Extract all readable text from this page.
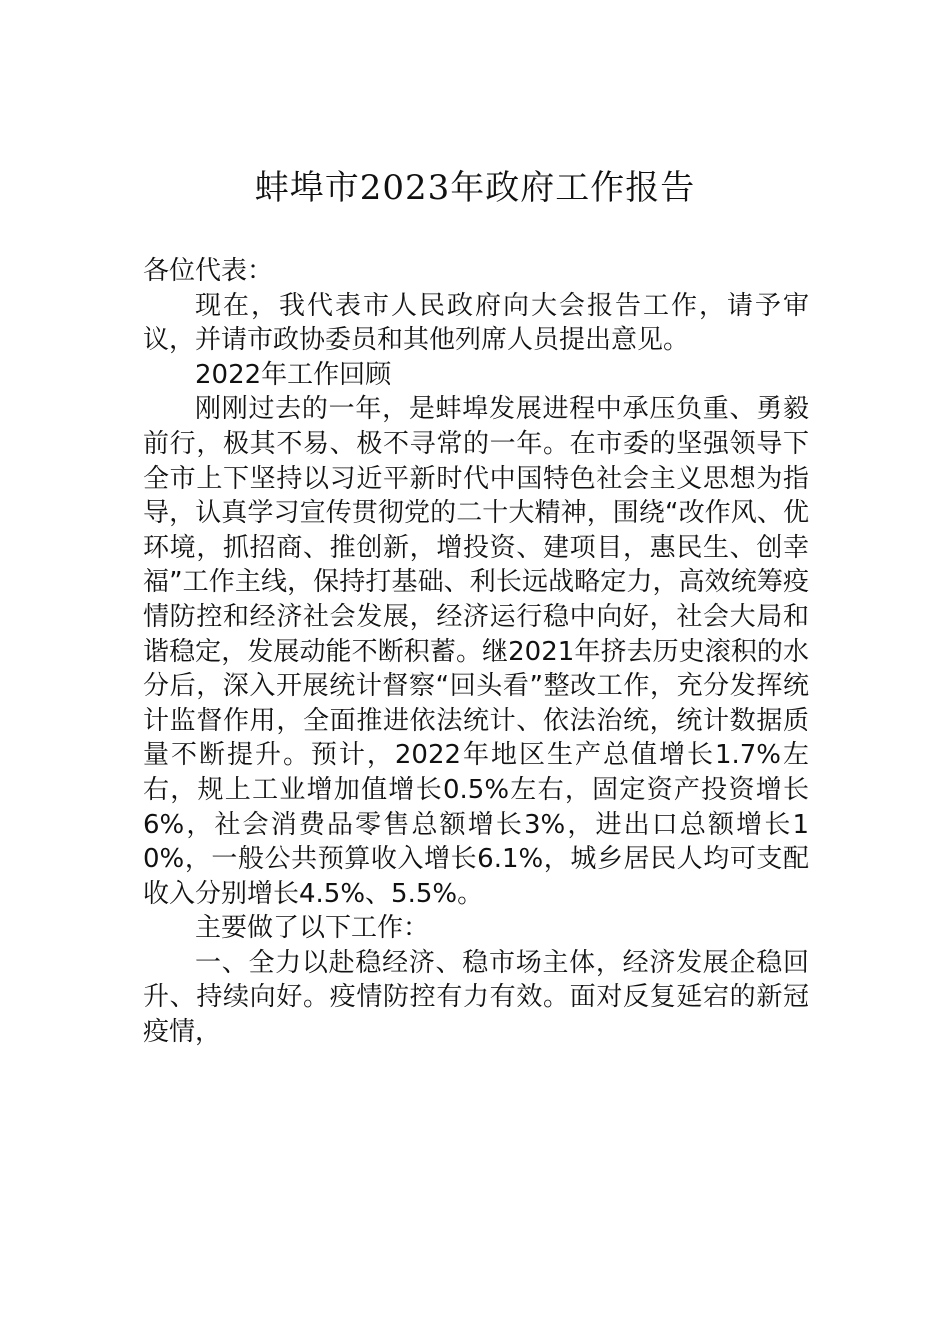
蚌埠市2023年政府工作报告

各位代表：

现在，我代表市人民政府向大会报告工作，请予审议，并请市政协委员和其他列席人员提出意见。

2022年工作回顾

刚刚过去的一年，是蚌埠发展进程中承压负重、勇毅前行，极其不易、极不寻常的一年。在市委的坚强领导下全市上下坚持以习近平新时代中国特色社会主义思想为指导，认真学习宣传贯彻党的二十大精神，围绕“改作风、优环境，抓招商、推创新，增投资、建项目，惠民生、创幸福”工作主线，保持打基础、利长远战略定力，高效统筹疫情防控和经济社会发展，经济运行稳中向好，社会大局和谐稳定，发展动能不断积蓄。继2021年挤去历史滚积的水分后，深入开展统计督察“回头看”整改工作，充分发挥统计监督作用，全面推进依法统计、依法治统，统计数据质量不断提升。预计，2022年地区生产总值增长1.7%左右，规上工业增加值增长0.5%左右，固定资产投资增长6%，社会消费品零售总额增长3%，进出口总额增长10%，一般公共预算收入增长6.1%，城乡居民人均可支配收入分别增长4.5%、5.5%。

主要做了以下工作：

一、全力以赴稳经济、稳市场主体，经济发展企稳回升、持续向好。疫情防控有力有效。面对反复延宕的新冠疫情，
